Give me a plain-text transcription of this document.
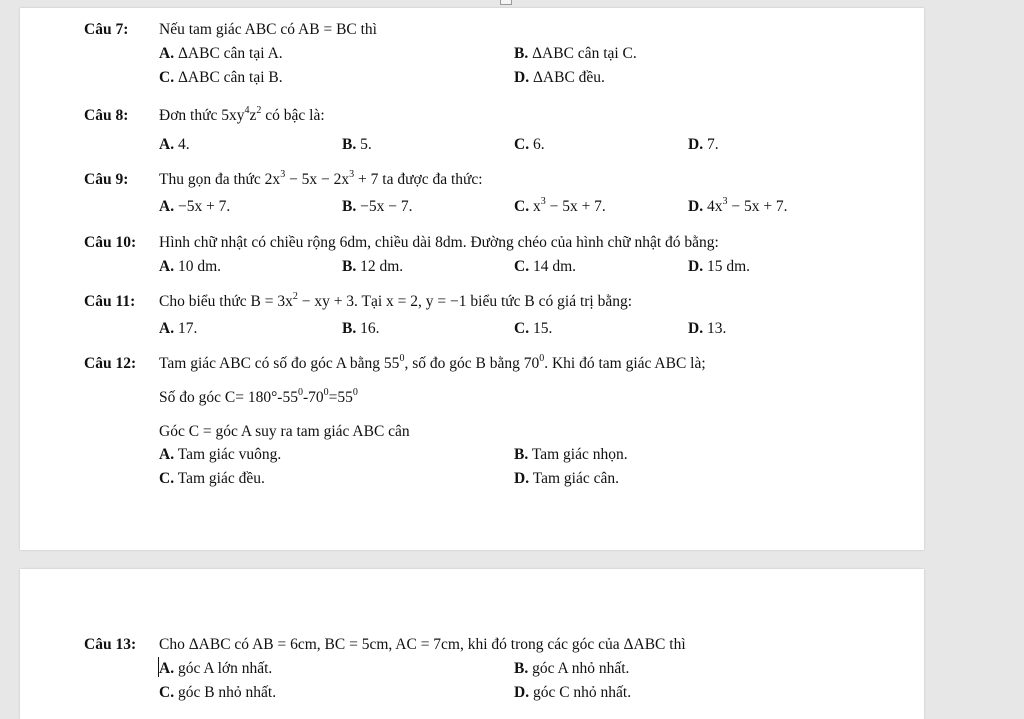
Câu 7: Nếu tam giác ABC có AB = BC thì
A. ΔABC cân tại A.	B. ΔABC cân tại C.
C. ΔABC cân tại B.	D. ΔABC đều.
Câu 8: Đơn thức $5xy^4z^2$ có bậc là:
A. 4.	B. 5.	C. 6.	D. 7.
Câu 9: Thu gọn đa thức $2x^3 - 5x - 2x^3 + 7$ ta được đa thức:
A. −5x + 7.	B. −5x − 7.	C. $x^3 - 5x + 7$.	D. $4x^3 - 5x + 7$.
Câu 10: Hình chữ nhật có chiều rộng 6dm, chiều dài 8dm. Đường chéo của hình chữ nhật đó bằng:
A. 10 dm.	B. 12 dm.	C. 14 dm.	D. 15 dm.
Câu 11: Cho biểu thức $B = 3x^2$ − xy + 3. Tại x = 2, y = −1 biểu tức B có giá trị bằng:
A. 17.	B. 16.	C. 15.	D. 13.
Câu 12: Tam giác ABC có số đo góc A bằng $55^0$, số đo góc B bằng $70^0$. Khi đó tam giác ABC là;
Số đo góc $C= 180^\circ-55^0-70^0=55^0$
Góc C = góc A suy ra tam giác ABC cân
A. Tam giác vuông.	B. Tam giác nhọn.
C. Tam giác đều.	D. Tam giác cân.
Câu 13: Cho ΔABC có AB = 6cm, BC = 5cm, AC = 7cm, khi đó trong các góc của ΔABC thì
A. góc A lớn nhất.	B. góc A nhỏ nhất.
C. góc B nhỏ nhất.	D. góc C nhỏ nhất.
